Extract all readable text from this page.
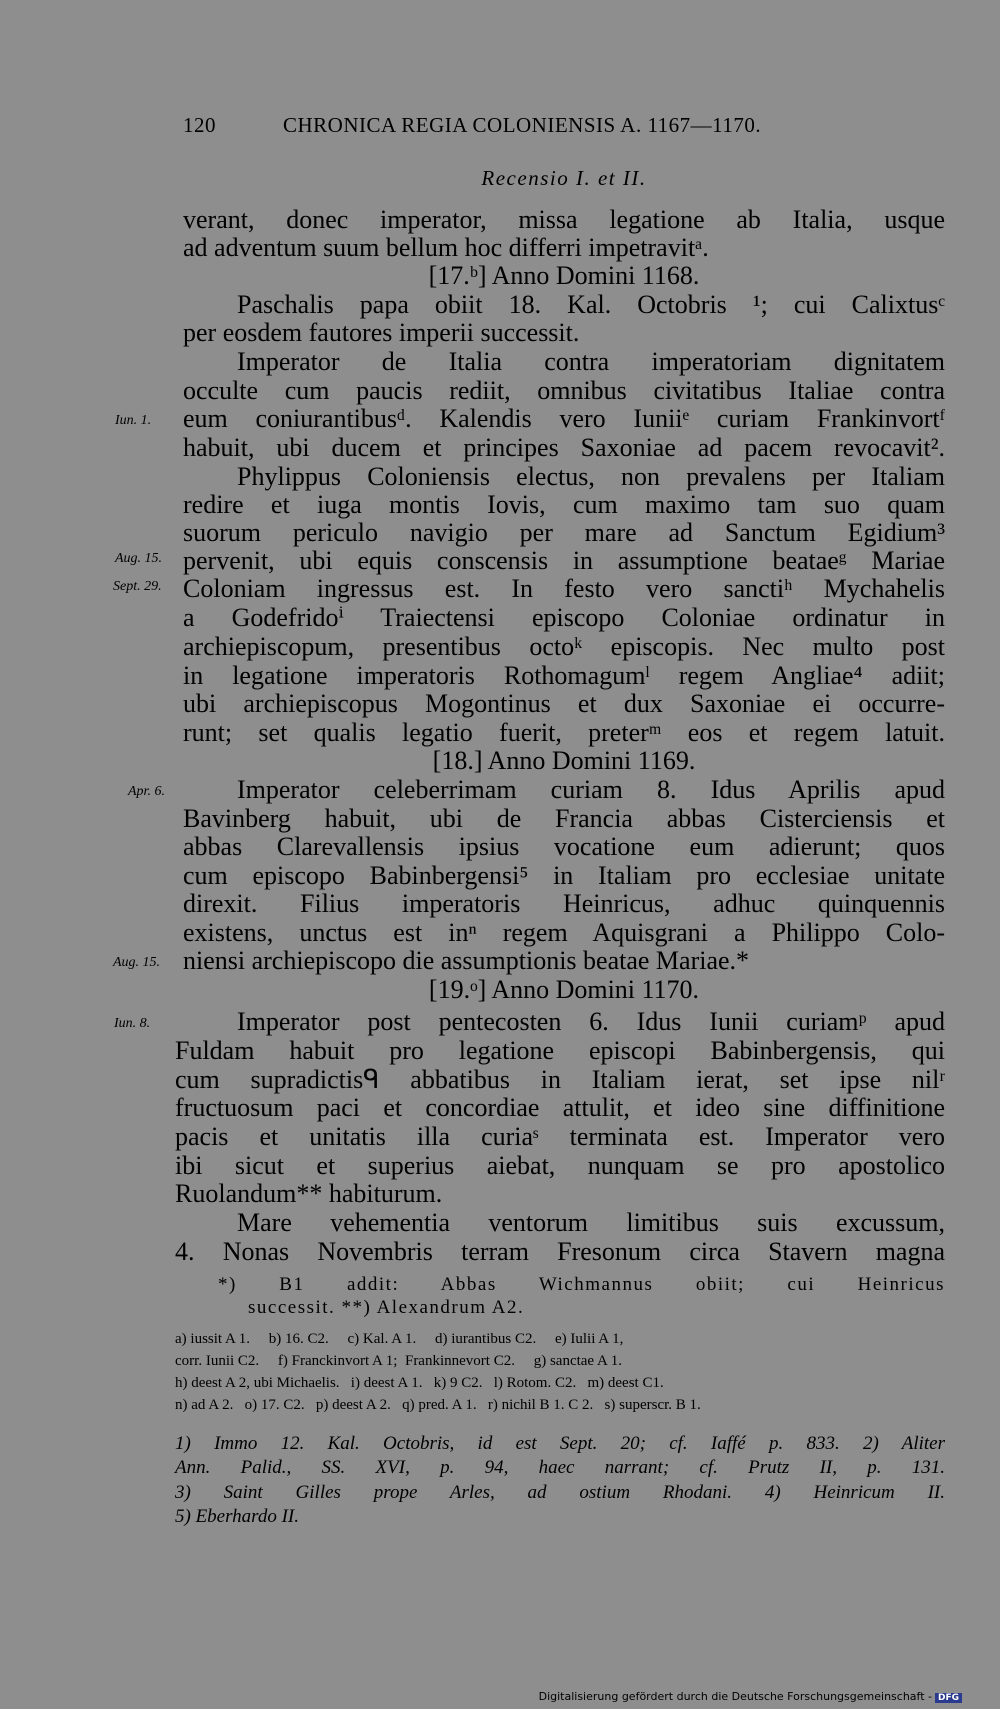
120	CHRONICA REGIA COLONIENSIS A. 1167—1170.
Recensio I. et II.
Iun. 1.
Aug. 15.
Sept. 29.
Apr. 6.
Aug. 15.
Iun. 8.
verant, donec imperator, missa legatione ab Italia, usque
ad adventum suum bellum hoc differri impetravitᵃ.
[17.ᵇ] Anno Domini 1168.
Paschalis papa obiit 18. Kal. Octobris ¹; cui Calixtusᶜ
per eosdem fautores imperii successit.
Imperator de Italia contra imperatoriam dignitatem
occulte cum paucis rediit, omnibus civitatibus Italiae contra
eum coniurantibusᵈ. Kalendis vero Iuniiᵉ curiam Frankinvortᶠ
habuit, ubi ducem et principes Saxoniae ad pacem revocavit².
Phylippus Coloniensis electus, non prevalens per Italiam
redire et iuga montis Iovis, cum maximo tam suo quam
suorum periculo navigio per mare ad Sanctum Egidium³
pervenit, ubi equis conscensis in assumptione beataeᵍ Mariae
Coloniam ingressus est. In festo vero sanctiʰ Mychahelis
a Godefridoⁱ Traiectensi episcopo Coloniae ordinatur in
archiepiscopum, presentibus octoᵏ episcopis. Nec multo post
in legatione imperatoris Rothomagumˡ regem Angliae⁴ adiit;
ubi archiepiscopus Mogontinus et dux Saxoniae ei occurre-
runt; set qualis legatio fuerit, preterᵐ eos et regem latuit.
[18.] Anno Domini 1169.
Imperator celeberrimam curiam 8. Idus Aprilis apud
Bavinberg habuit, ubi de Francia abbas Cisterciensis et
abbas Clarevallensis ipsius vocatione eum adierunt; quos
cum episcopo Babinbergensi⁵ in Italiam pro ecclesiae unitate
direxit. Filius imperatoris Heinricus, adhuc quinquennis
existens, unctus est inⁿ regem Aquisgrani a Philippo Colo-
niensi archiepiscopo die assumptionis beatae Mariae.*
[19.ᵒ] Anno Domini 1170.
Imperator post pentecosten 6. Idus Iunii curiamᵖ apud
Fuldam habuit pro legatione episcopi Babinbergensis, qui
cum supradictisᑫ abbatibus in Italiam ierat, set ipse nilʳ
fructuosum paci et concordiae attulit, et ideo sine diffinitione
pacis et unitatis illa curiaˢ terminata est. Imperator vero
ibi sicut et superius aiebat, nunquam se pro apostolico
Ruolandum** habiturum.
Mare vehementia ventorum limitibus suis excussum,
4. Nonas Novembris terram Fresonum circa Stavern magna
*) B1 addit: Abbas Wichmannus obiit; cui Heinricus
successit. **) Alexandrum A2.
a) iussit A 1.     b) 16. C2.     c) Kal. A 1.     d) iurantibus C2.     e) Iulii A 1,
corr. Iunii C2.     f) Franckinvort A 1;  Frankinnevort C2.     g) sanctae A 1.
h) deest A 2, ubi Michaelis.   i) deest A 1.   k) 9 C2.   l) Rotom. C2.   m) deest C1.
n) ad A 2.   o) 17. C2.   p) deest A 2.   q) pred. A 1.   r) nichil B 1. C 2.   s) superscr. B 1.
1) Immo 12. Kal. Octobris, id est Sept. 20; cf. Iaffé p. 833. 2) Aliter
Ann. Palid., SS. XVI, p. 94, haec narrant; cf. Prutz II, p. 131.
3) Saint Gilles prope Arles, ad ostium Rhodani. 4) Heinricum II.
5) Eberhardo II.
Digitalisierung gefördert durch die Deutsche Forschungsgemeinschaft - DFG
